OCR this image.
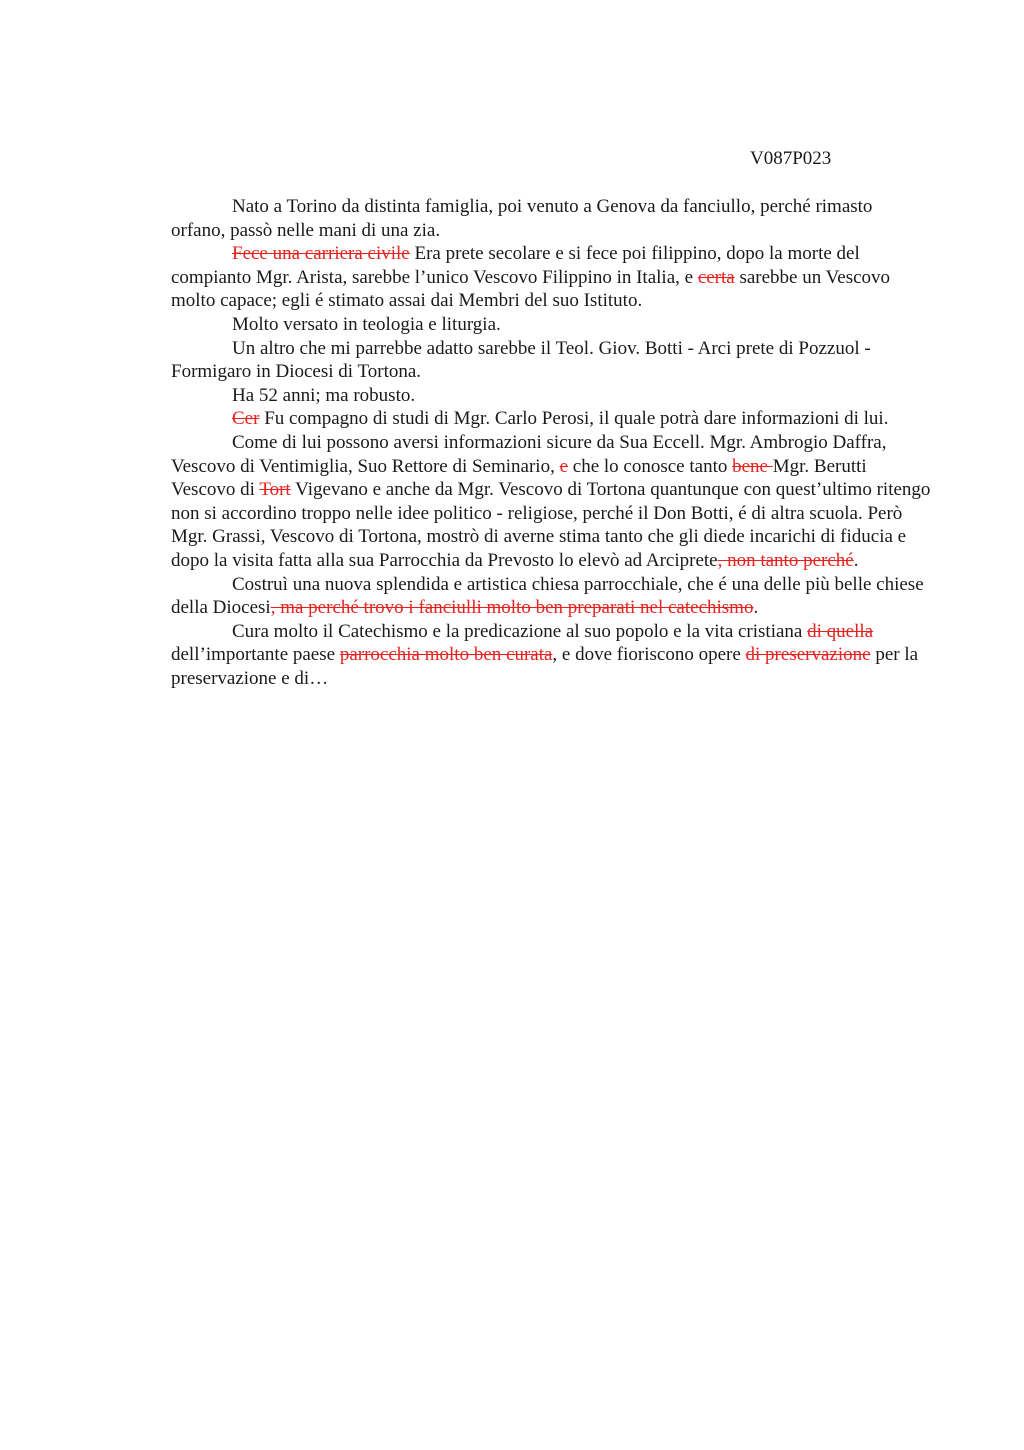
V087P023

Nato a Torino da distinta famiglia, poi venuto a Genova da fanciullo, perché rimasto orfano, passò nelle mani di una zia.

Fece una carriera civile Era prete secolare e si fece poi filippino, dopo la morte del compianto Mgr. Arista, sarebbe l’unico Vescovo Filippino in Italia, e certa sarebbe un Vescovo molto capace; egli é stimato assai dai Membri del suo Istituto.

Molto versato in teologia e liturgia.

Un altro che mi parrebbe adatto sarebbe il Teol. Giov. Botti - Arci prete di Pozzuol - Formigaro in Diocesi di Tortona.

Ha 52 anni; ma robusto.

Cer Fu compagno di studi di Mgr. Carlo Perosi, il quale potrà dare informazioni di lui.

Come di lui possono aversi informazioni sicure da Sua Eccell. Mgr. Ambrogio Daffra, Vescovo di Ventimiglia, Suo Rettore di Seminario, e che lo conosce tanto bene Mgr. Berutti Vescovo di Tort Vigevano e anche da Mgr. Vescovo di Tortona quantunque con quest’ultimo ritengo non si accordino troppo nelle idee politico - religiose, perché il Don Botti, é di altra scuola. Però Mgr. Grassi, Vescovo di Tortona, mostrò di averne stima tanto che gli diede incarichi di fiducia e dopo la visita fatta alla sua Parrocchia da Prevosto lo elevò ad Arciprete, non tanto perché.

Costruì una nuova splendida e artistica chiesa parrocchiale, che é una delle più belle chiese della Diocesi, ma perché trovo i fanciulli molto ben preparati nel catechismo.

Cura molto il Catechismo e la predicazione al suo popolo e la vita cristiana di quella dell’importante paese parrocchia molto ben curata, e dove fioriscono opere di preservazione per la preservazione e di…
